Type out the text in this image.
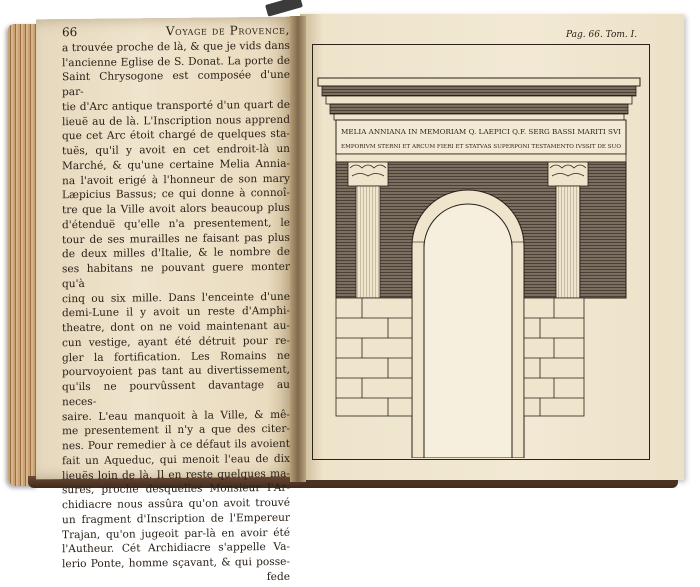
66	Voyage de Provence,
a trouvée proche de là, & que je vids dans
l'ancienne Eglise de S. Donat. La porte de
Saint Chrysogone est composée d'une par-
tie d'Arc antique transporté d'un quart de
lieuë au de là. L'Inscription nous apprend
que cet Arc étoit chargé de quelques sta-
tuës, qu'il y avoit en cet endroit-là un
Marché, & qu'une certaine Melia Annia-
na l'avoit erigé à l'honneur de son mary
Læpicius Bassus; ce qui donne à connoî-
tre que la Ville avoit alors beaucoup plus
d'étenduë qu'elle n'a presentement, le
tour de ses murailles ne faisant pas plus
de deux milles d'Italie, & le nombre de
ses habitans ne pouvant guere monter qu'à
cinq ou six mille. Dans l'enceinte d'une
demi-Lune il y avoit un reste d'Amphi-
theatre, dont on ne void maintenant au-
cun vestige, ayant été détruit pour re-
gler la fortification. Les Romains ne
pourvoyoient pas tant au divertissement,
qu'ils ne pourvûssent davantage au neces-
saire. L'eau manquoit à la Ville, & mê-
me presentement il n'y a que des citer-
nes. Pour remedier à ce défaut ils avoient
fait un Aqueduc, qui menoit l'eau de dix
lieuës loin de là. Il en reste quelques ma-
sures, proche desquelles Monsieur l'Ar-
chidiacre nous assûra qu'on avoit trouvé
un fragment d'Inscription de l'Empereur
Trajan, qu'on jugeoit par-là en avoir été
l'Autheur. Cét Archidiacre s'appelle Va-
lerio Ponte, homme sçavant, & qui posse-
fede
Pag. 66. Tom. I.
MELIA ANNIANA IN MEMORIAM Q. LAEPICI Q.F. SERG BASSI MARITI SVI
EMPORIVM STERNI ET ARCUM FIERI ET STATVAS SUPERPONI TESTAMENTO IVSSIT DE SUO
